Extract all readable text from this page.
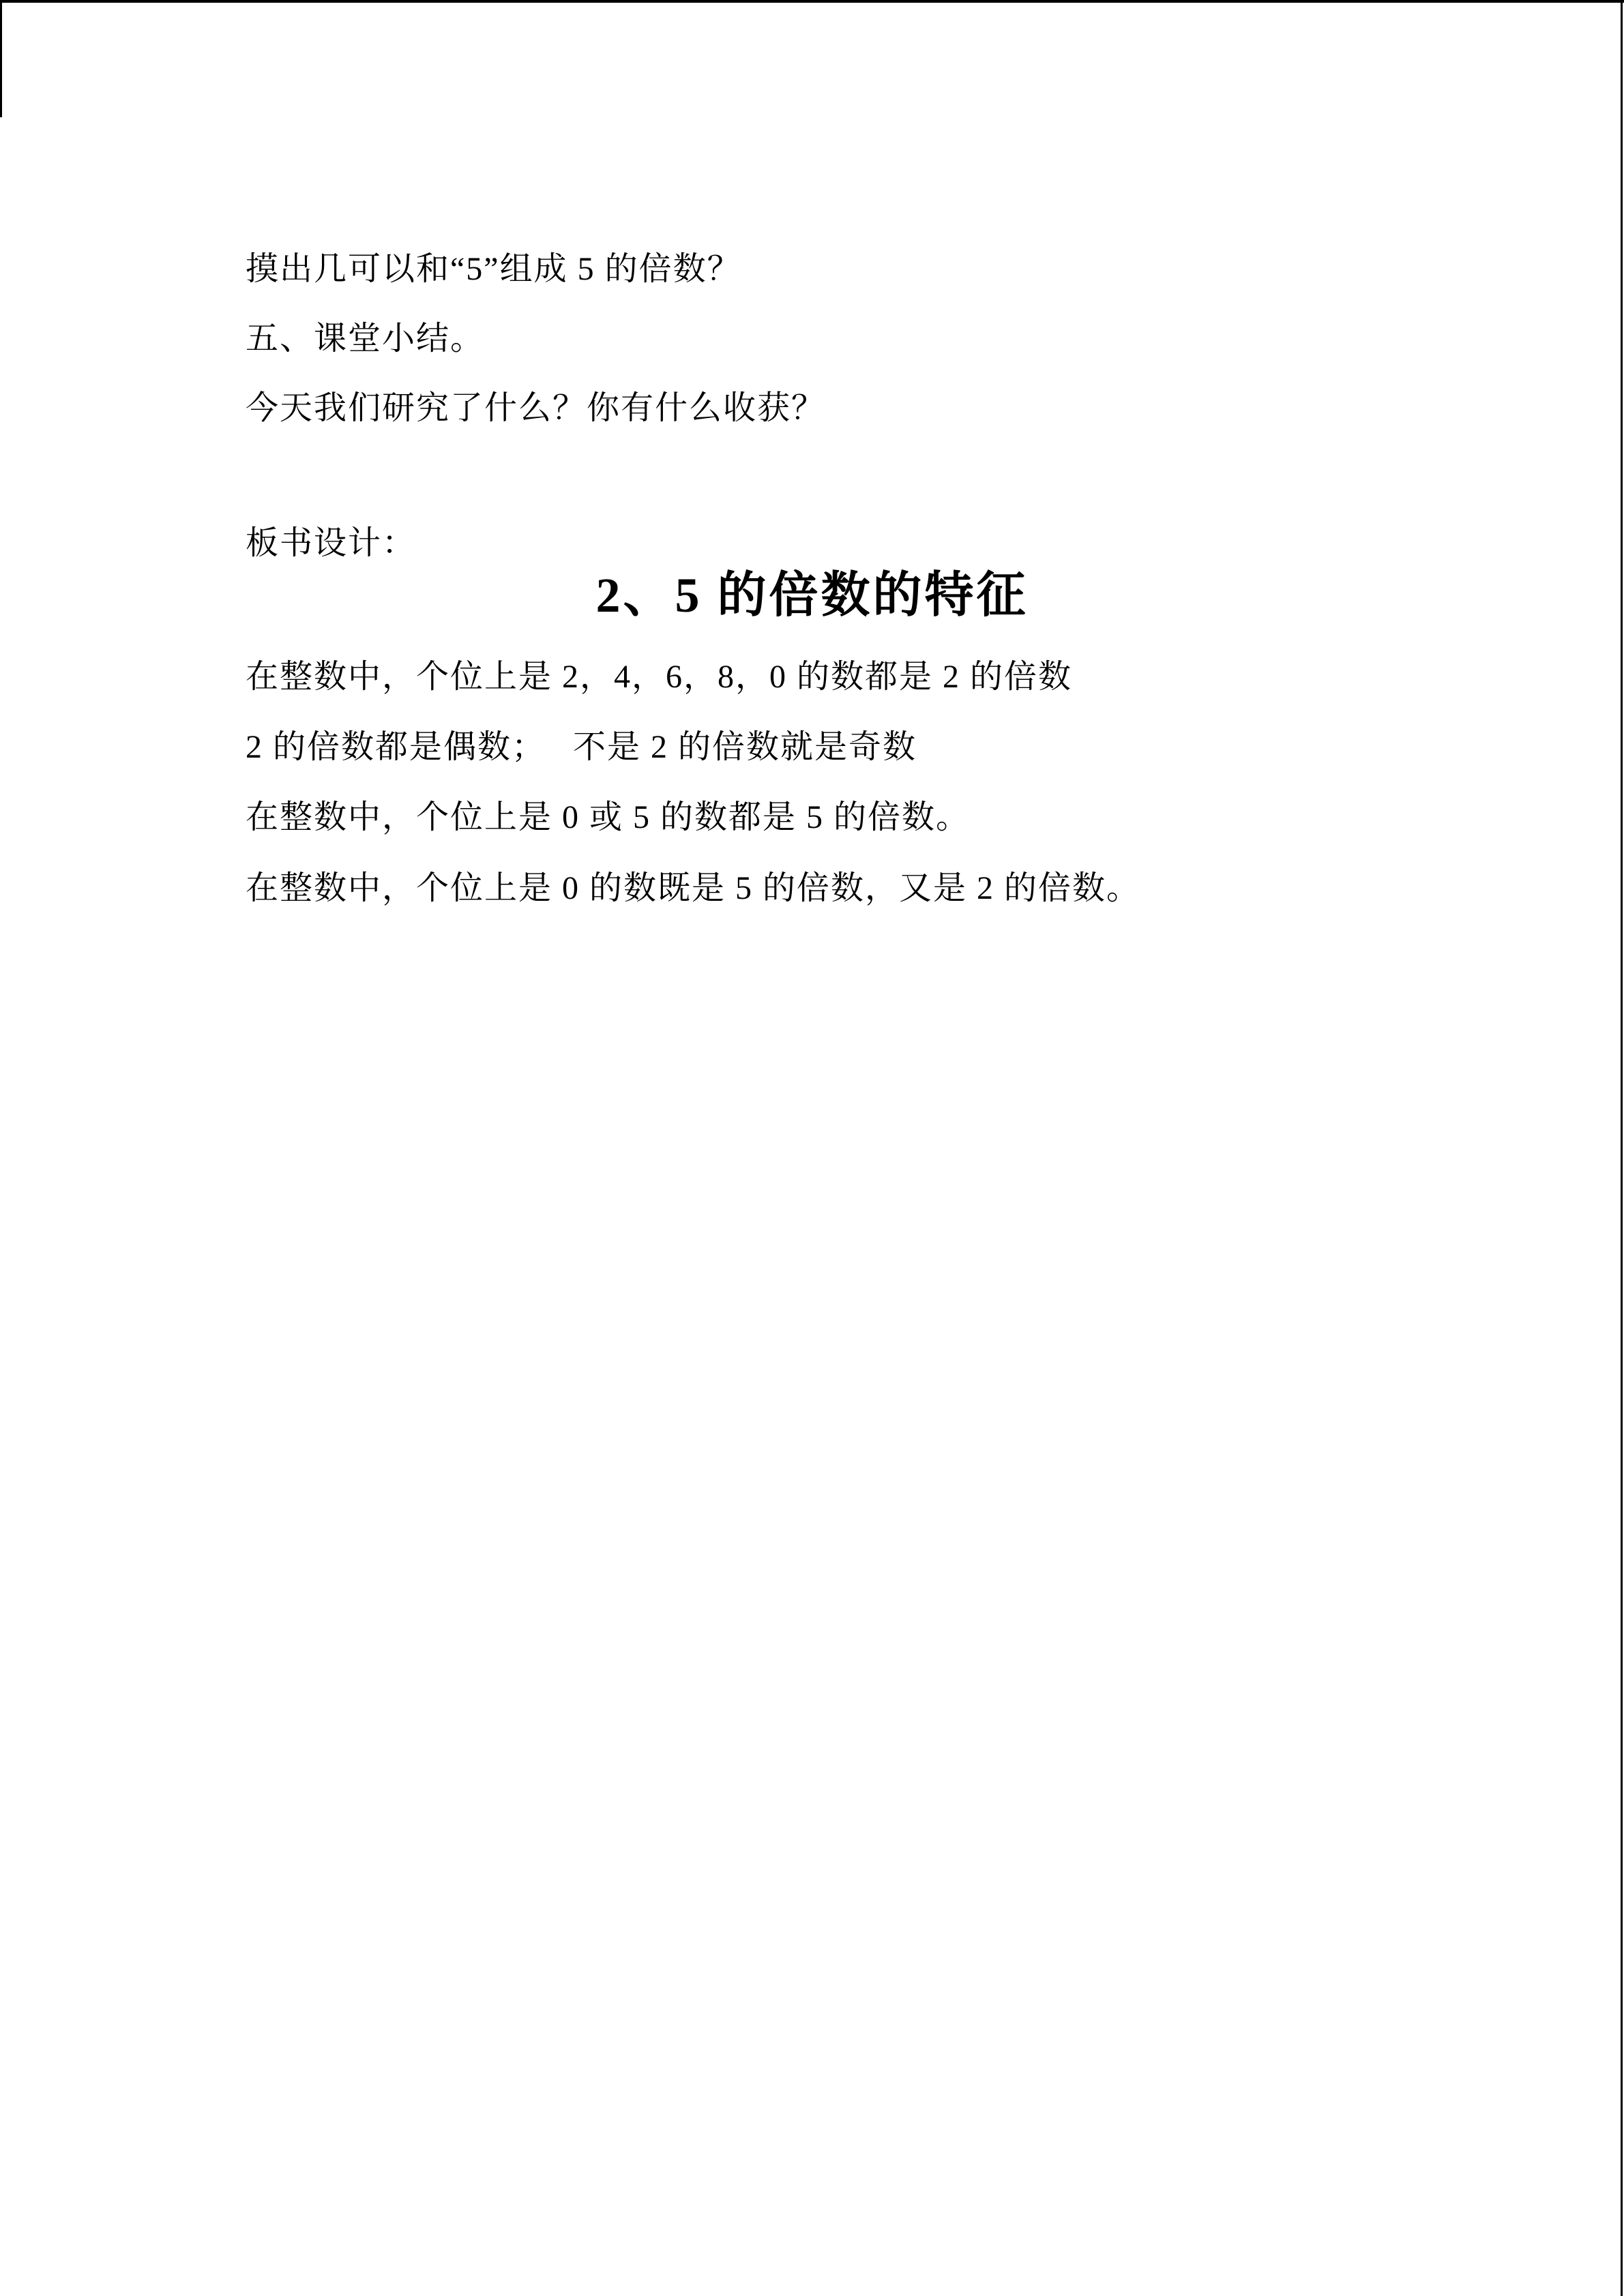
摸出几可以和“5”组成 5 的倍数？

五、课堂小结。

今天我们研究了什么？你有什么收获？

板书设计：

2、5 的倍数的特征

在整数中，个位上是 2，4，6，8，0 的数都是 2 的倍数

2 的倍数都是偶数；　 不是 2 的倍数就是奇数

在整数中，个位上是 0 或 5 的数都是 5 的倍数。

在整数中，个位上是 0 的数既是 5 的倍数，又是 2 的倍数。
